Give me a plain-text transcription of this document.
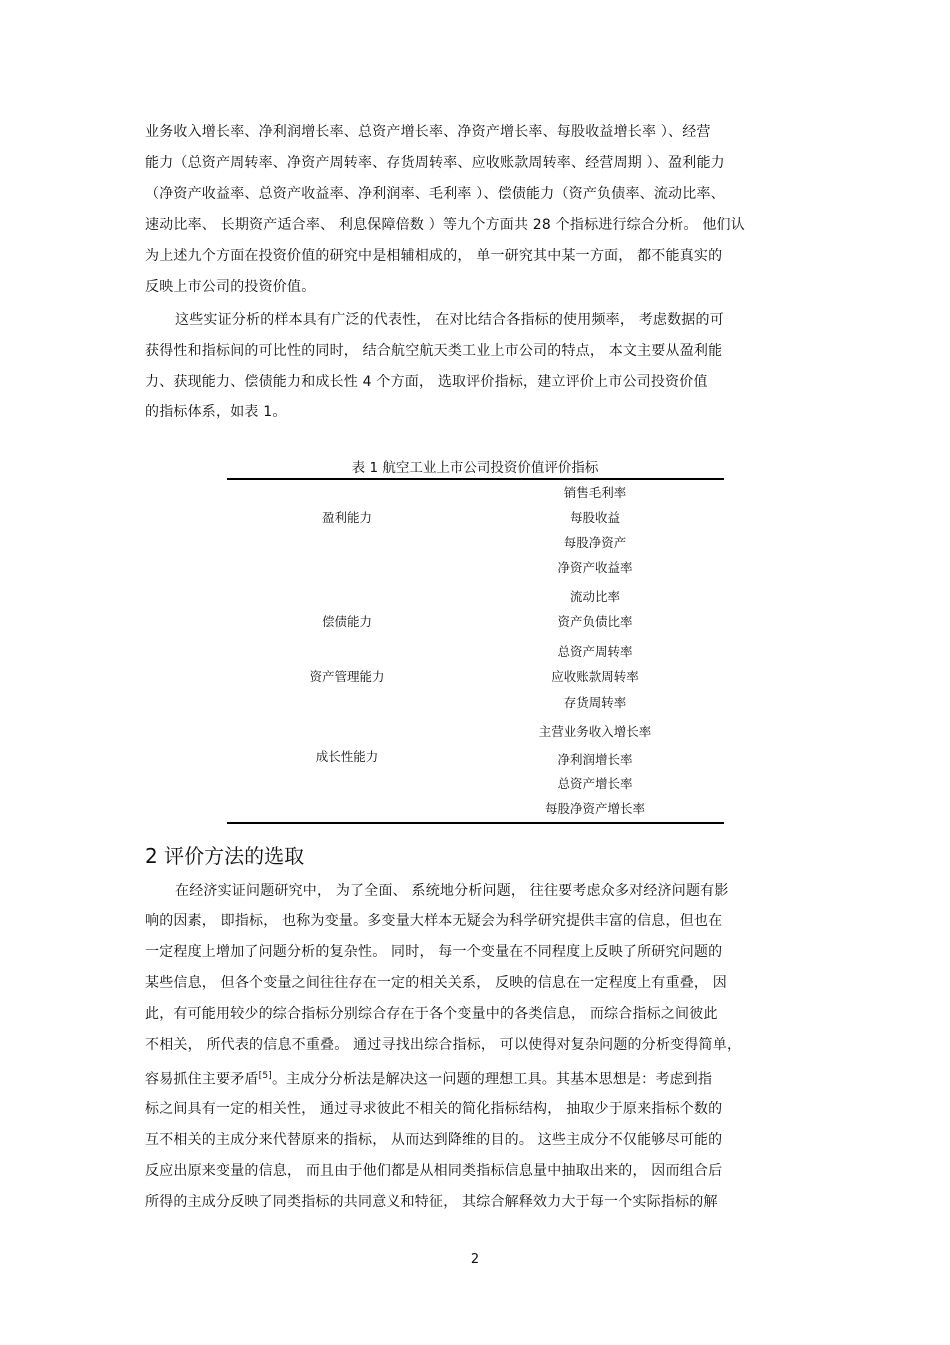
业务收入增长率、净利润增长率、总资产增长率、净资产增长率、每股收益增长率 ）、经营
能力（总资产周转率、净资产周转率、存货周转率、应收账款周转率、经营周期 ）、盈利能力
（净资产收益率、总资产收益率、净利润率、毛利率 ）、偿债能力（资产负债率、流动比率、
速动比率、 长期资产适合率、 利息保障倍数 ）等九个方面共 28 个指标进行综合分析。 他们认
为上述九个方面在投资价值的研究中是相辅相成的， 单一研究其中某一方面， 都不能真实的
反映上市公司的投资价值。
这些实证分析的样本具有广泛的代表性， 在对比结合各指标的使用频率， 考虑数据的可
获得性和指标间的可比性的同时， 结合航空航天类工业上市公司的特点， 本文主要从盈利能
力、获现能力、偿债能力和成长性 4 个方面， 选取评价指标，建立评价上市公司投资价值
的指标体系，如表 1。
表 1 航空工业上市公司投资价值评价指标
盈利能力
销售毛利率
每股收益
每股净资产
净资产收益率
偿债能力
流动比率
资产负债比率
资产管理能力
总资产周转率
应收账款周转率
存货周转率
成长性能力
主营业务收入增长率
净利润增长率
总资产增长率
每股净资产增长率
2 评价方法的选取
在经济实证问题研究中， 为了全面、 系统地分析问题， 往往要考虑众多对经济问题有影
响的因素， 即指标， 也称为变量。多变量大样本无疑会为科学研究提供丰富的信息，但也在
一定程度上增加了问题分析的复杂性。 同时， 每一个变量在不同程度上反映了所研究问题的
某些信息， 但各个变量之间往往存在一定的相关关系， 反映的信息在一定程度上有重叠， 因
此，有可能用较少的综合指标分别综合存在于各个变量中的各类信息， 而综合指标之间彼此
不相关， 所代表的信息不重叠。 通过寻找出综合指标， 可以使得对复杂问题的分析变得简单，
容易抓住主要矛盾[5]。主成分分析法是解决这一问题的理想工具。其基本思想是：考虑到指
标之间具有一定的相关性， 通过寻求彼此不相关的简化指标结构， 抽取少于原来指标个数的
互不相关的主成分来代替原来的指标， 从而达到降维的目的。 这些主成分不仅能够尽可能的
反应出原来变量的信息， 而且由于他们都是从相同类指标信息量中抽取出来的， 因而组合后
所得的主成分反映了同类指标的共同意义和特征， 其综合解释效力大于每一个实际指标的解
2
